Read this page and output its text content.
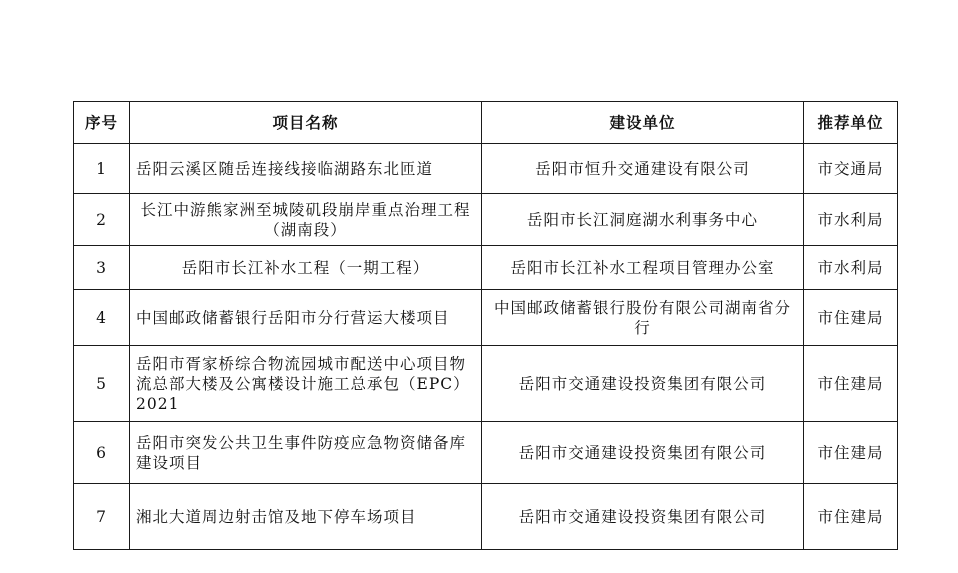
序号	项目名称	建设单位	推荐单位
1	岳阳云溪区随岳连接线接临湖路东北匝道	岳阳市恒升交通建设有限公司	市交通局
2	长江中游熊家洲至城陵矶段崩岸重点治理工程（湖南段）	岳阳市长江洞庭湖水利事务中心	市水利局
3	岳阳市长江补水工程（一期工程）	岳阳市长江补水工程项目管理办公室	市水利局
4	中国邮政储蓄银行岳阳市分行营运大楼项目	中国邮政储蓄银行股份有限公司湖南省分行	市住建局
5	岳阳市胥家桥综合物流园城市配送中心项目物流总部大楼及公寓楼设计施工总承包（EPC）2021	岳阳市交通建设投资集团有限公司	市住建局
6	岳阳市突发公共卫生事件防疫应急物资储备库建设项目	岳阳市交通建设投资集团有限公司	市住建局
7	湘北大道周边射击馆及地下停车场项目	岳阳市交通建设投资集团有限公司	市住建局
